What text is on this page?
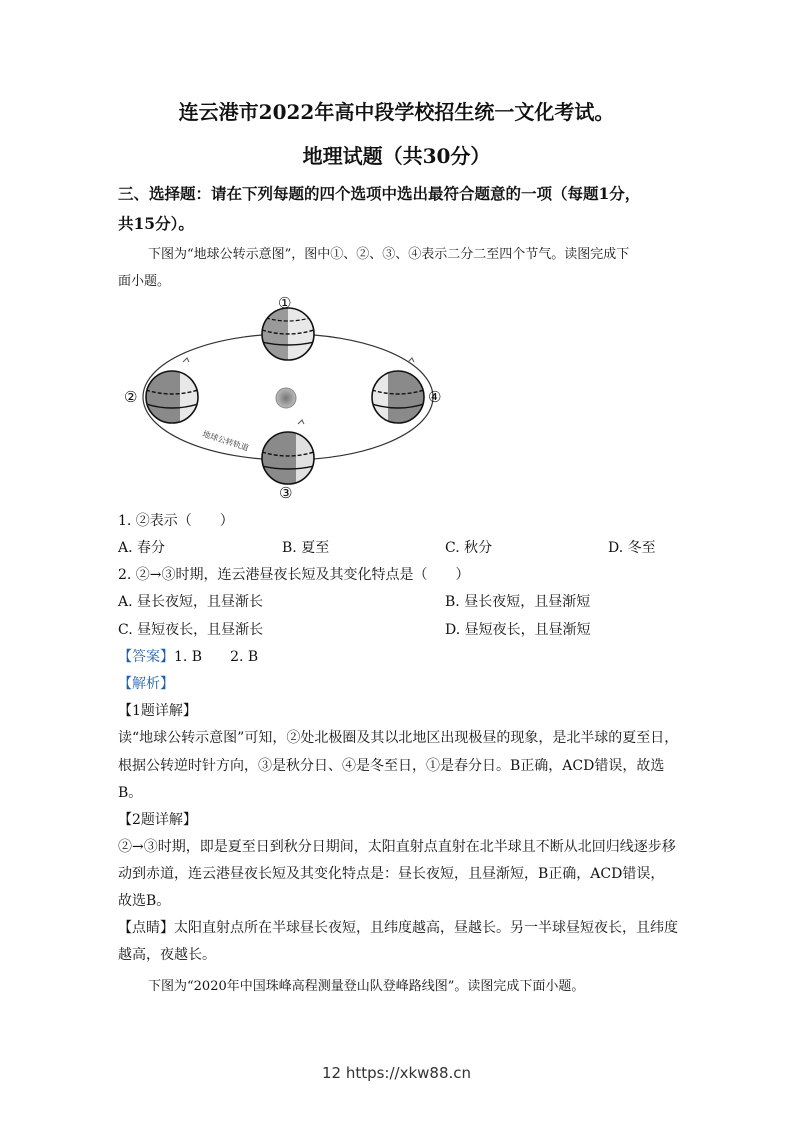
连云港市2022年高中段学校招生统一文化考试。
地理试题（共30分）
三、选择题：请在下列每题的四个选项中选出最符合题意的一项（每题1分，
共15分）。
下图为“地球公转示意图”，图中①、②、③、④表示二分二至四个节气。读图完成下
面小题。
①
②
③
④
地球公转轨道
1. ②表示（　　）
A. 春分	B. 夏至	C. 秋分	D. 冬至
2. ②→③时期，连云港昼夜长短及其变化特点是（　　）
A. 昼长夜短，且昼渐长	B. 昼长夜短，且昼渐短
C. 昼短夜长，且昼渐长	D. 昼短夜长，且昼渐短
【答案】1. B　　2. B
【解析】
【1题详解】
读“地球公转示意图”可知，②处北极圈及其以北地区出现极昼的现象，是北半球的夏至日，
根据公转逆时针方向，③是秋分日、④是冬至日，①是春分日。B正确，ACD错误，故选
B。
【2题详解】
②→③时期，即是夏至日到秋分日期间，太阳直射点直射在北半球且不断从北回归线逐步移
动到赤道，连云港昼夜长短及其变化特点是：昼长夜短，且昼渐短，B正确，ACD错误，
故选B。
【点睛】太阳直射点所在半球昼长夜短，且纬度越高，昼越长。另一半球昼短夜长，且纬度
越高，夜越长。
下图为“2020年中国珠峰高程测量登山队登峰路线图”。读图完成下面小题。
12 https://xkw88.cn
